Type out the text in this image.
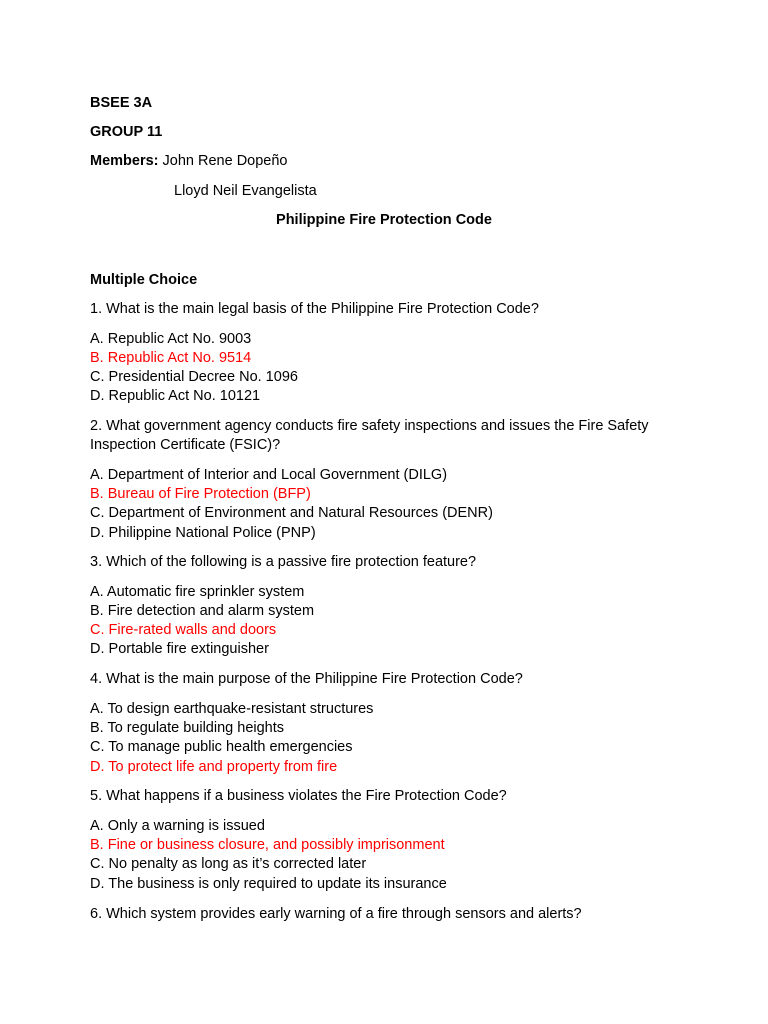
BSEE 3A
GROUP 11
Members: John Rene Dopeño
Lloyd Neil Evangelista
Philippine Fire Protection Code
Multiple Choice
1. What is the main legal basis of the Philippine Fire Protection Code?
A. Republic Act No. 9003
B. Republic Act No. 9514
C. Presidential Decree No. 1096
D. Republic Act No. 10121
2. What government agency conducts fire safety inspections and issues the Fire Safety
Inspection Certificate (FSIC)?
A. Department of Interior and Local Government (DILG)
B. Bureau of Fire Protection (BFP)
C. Department of Environment and Natural Resources (DENR)
D. Philippine National Police (PNP)
3. Which of the following is a passive fire protection feature?
A. Automatic fire sprinkler system
B. Fire detection and alarm system
C. Fire-rated walls and doors
D. Portable fire extinguisher
4. What is the main purpose of the Philippine Fire Protection Code?
A. To design earthquake-resistant structures
B. To regulate building heights
C. To manage public health emergencies
D. To protect life and property from fire
5. What happens if a business violates the Fire Protection Code?
A. Only a warning is issued
B. Fine or business closure, and possibly imprisonment
C. No penalty as long as it’s corrected later
D. The business is only required to update its insurance
6. Which system provides early warning of a fire through sensors and alerts?
